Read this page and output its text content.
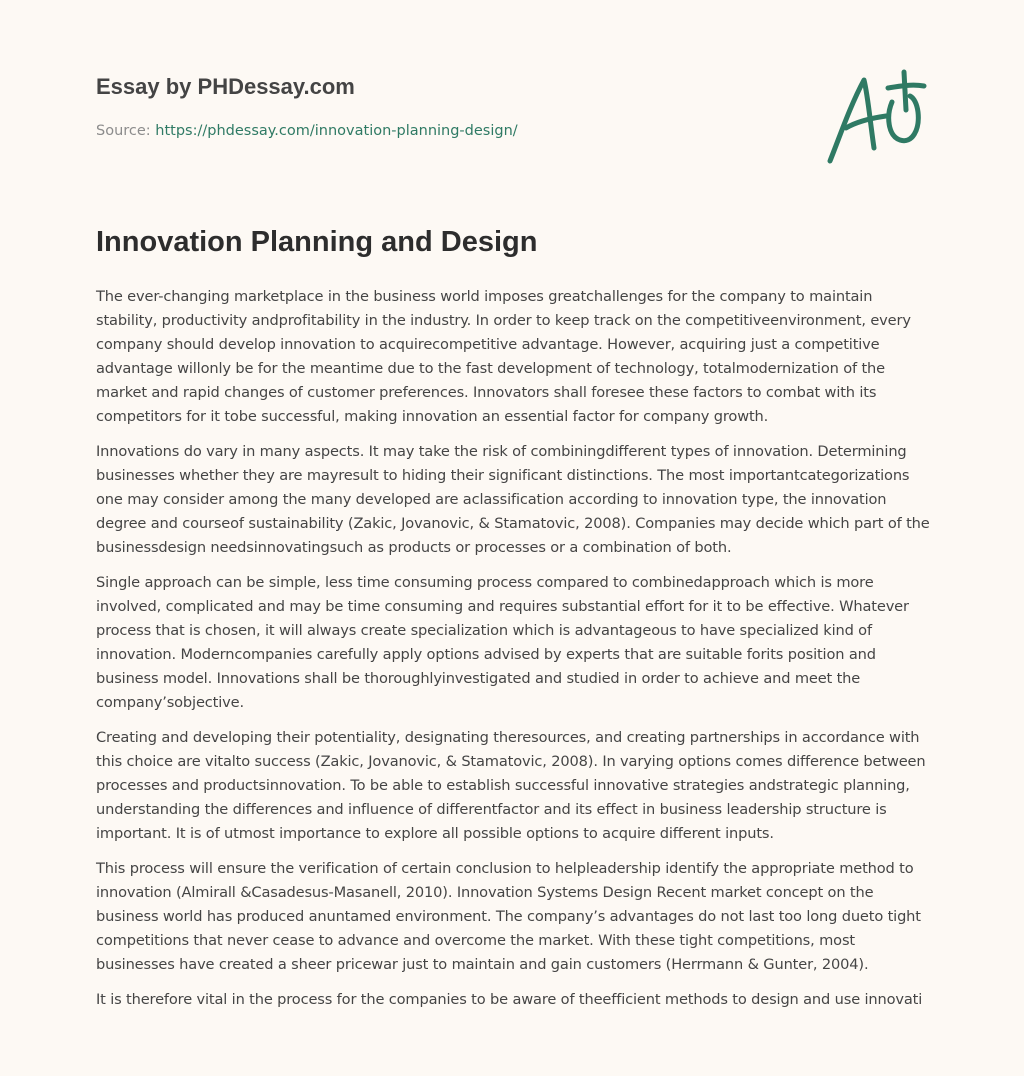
Essay by PHDessay.com
Source: https://phdessay.com/innovation-planning-design/
Innovation Planning and Design

The ever-changing marketplace in the business world imposes greatchallenges for the company to maintain stability, productivity andprofitability in the industry. In order to keep track on the competitiveenvironment, every company should develop innovation to acquirecompetitive advantage. However, acquiring just a competitive advantage willonly be for the meantime due to the fast development of technology, totalmodernization of the market and rapid changes of customer preferences. Innovators shall foresee these factors to combat with its competitors for it tobe successful, making innovation an essential factor for company growth.

Innovations do vary in many aspects. It may take the risk of combiningdifferent types of innovation. Determining businesses whether they are mayresult to hiding their significant distinctions. The most importantcategorizations one may consider among the many developed are aclassification according to innovation type, the innovation degree and courseof sustainability (Zakic, Jovanovic, & Stamatovic, 2008). Companies may decide which part of the businessdesign needsinnovatingsuch as products or processes or a combination of both.

Single approach can be simple, less time consuming process compared to combinedapproach which is more involved, complicated and may be time consuming and requires substantial effort for it to be effective. Whatever process that is chosen, it will always create specialization which is advantageous to have specialized kind of innovation. Moderncompanies carefully apply options advised by experts that are suitable forits position and business model. Innovations shall be thoroughlyinvestigated and studied in order to achieve and meet the company’sobjective.

Creating and developing their potentiality, designating theresources, and creating partnerships in accordance with this choice are vitalto success (Zakic, Jovanovic, & Stamatovic, 2008). In varying options comes difference between processes and productsinnovation. To be able to establish successful innovative strategies andstrategic planning, understanding the differences and influence of differentfactor and its effect in business leadership structure is important. It is of utmost importance to explore all possible options to acquire different inputs.

This process will ensure the verification of certain conclusion to helpleadership identify the appropriate method to innovation (Almirall &Casadesus-Masanell, 2010). Innovation Systems Design Recent market concept on the business world has produced anuntamed environment. The company’s advantages do not last too long dueto tight competitions that never cease to advance and overcome the market. With these tight competitions, most businesses have created a sheer pricewar just to maintain and gain customers (Herrmann & Gunter, 2004).

It is therefore vital in the process for the companies to be aware of theefficient methods to design and use innovati
